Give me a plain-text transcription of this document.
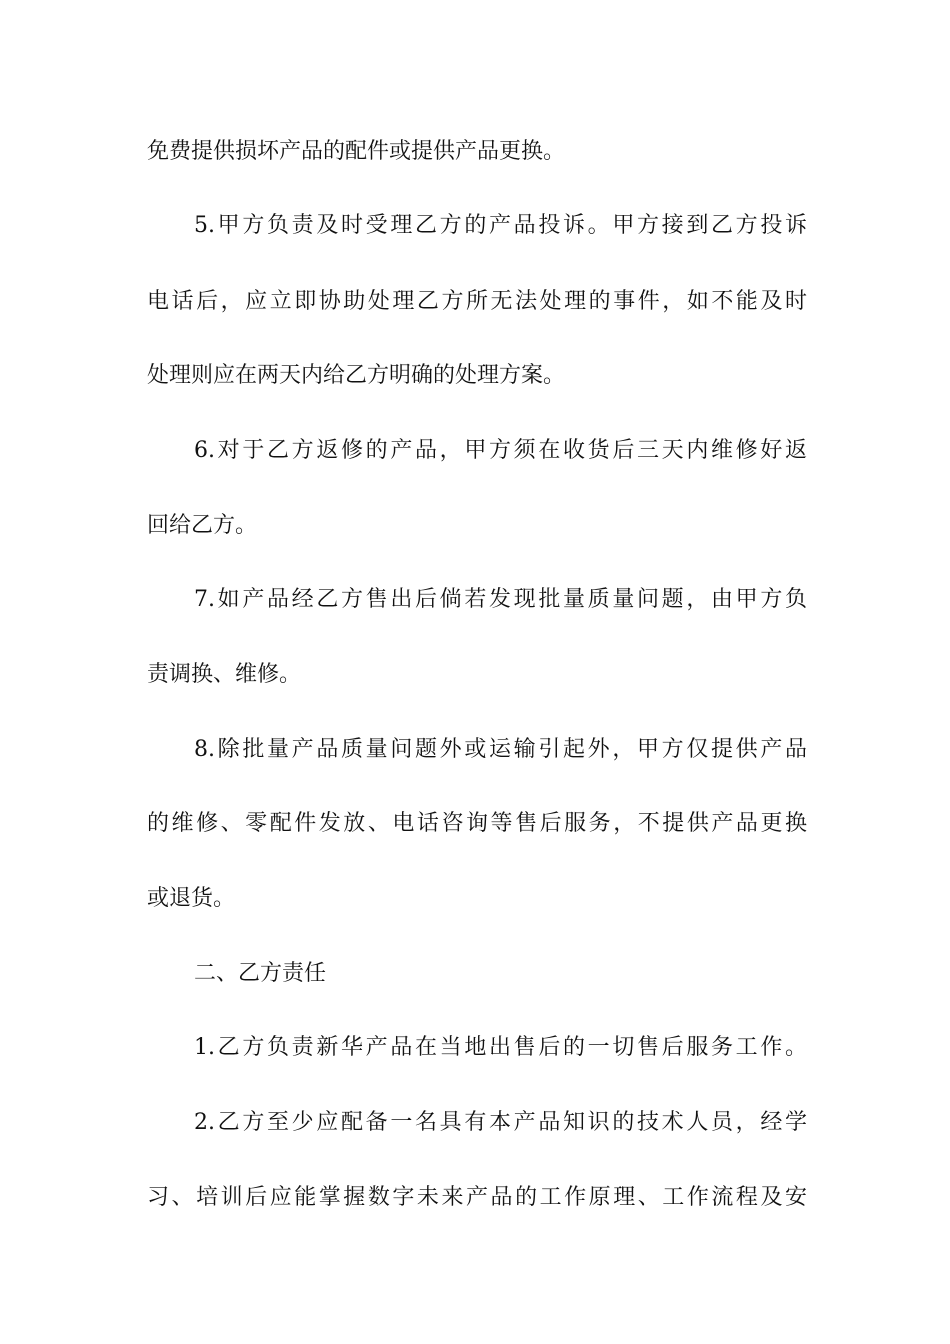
免费提供损坏产品的配件或提供产品更换。
5.甲方负责及时受理乙方的产品投诉。甲方接到乙方投诉
电话后，应立即协助处理乙方所无法处理的事件，如不能及时
处理则应在两天内给乙方明确的处理方案。
6.对于乙方返修的产品，甲方须在收货后三天内维修好返
回给乙方。
7.如产品经乙方售出后倘若发现批量质量问题，由甲方负
责调换、维修。
8.除批量产品质量问题外或运输引起外，甲方仅提供产品
的维修、零配件发放、电话咨询等售后服务，不提供产品更换
或退货。
二、乙方责任
1.乙方负责新华产品在当地出售后的一切售后服务工作。
2.乙方至少应配备一名具有本产品知识的技术人员，经学
习、培训后应能掌握数字未来产品的工作原理、工作流程及安
